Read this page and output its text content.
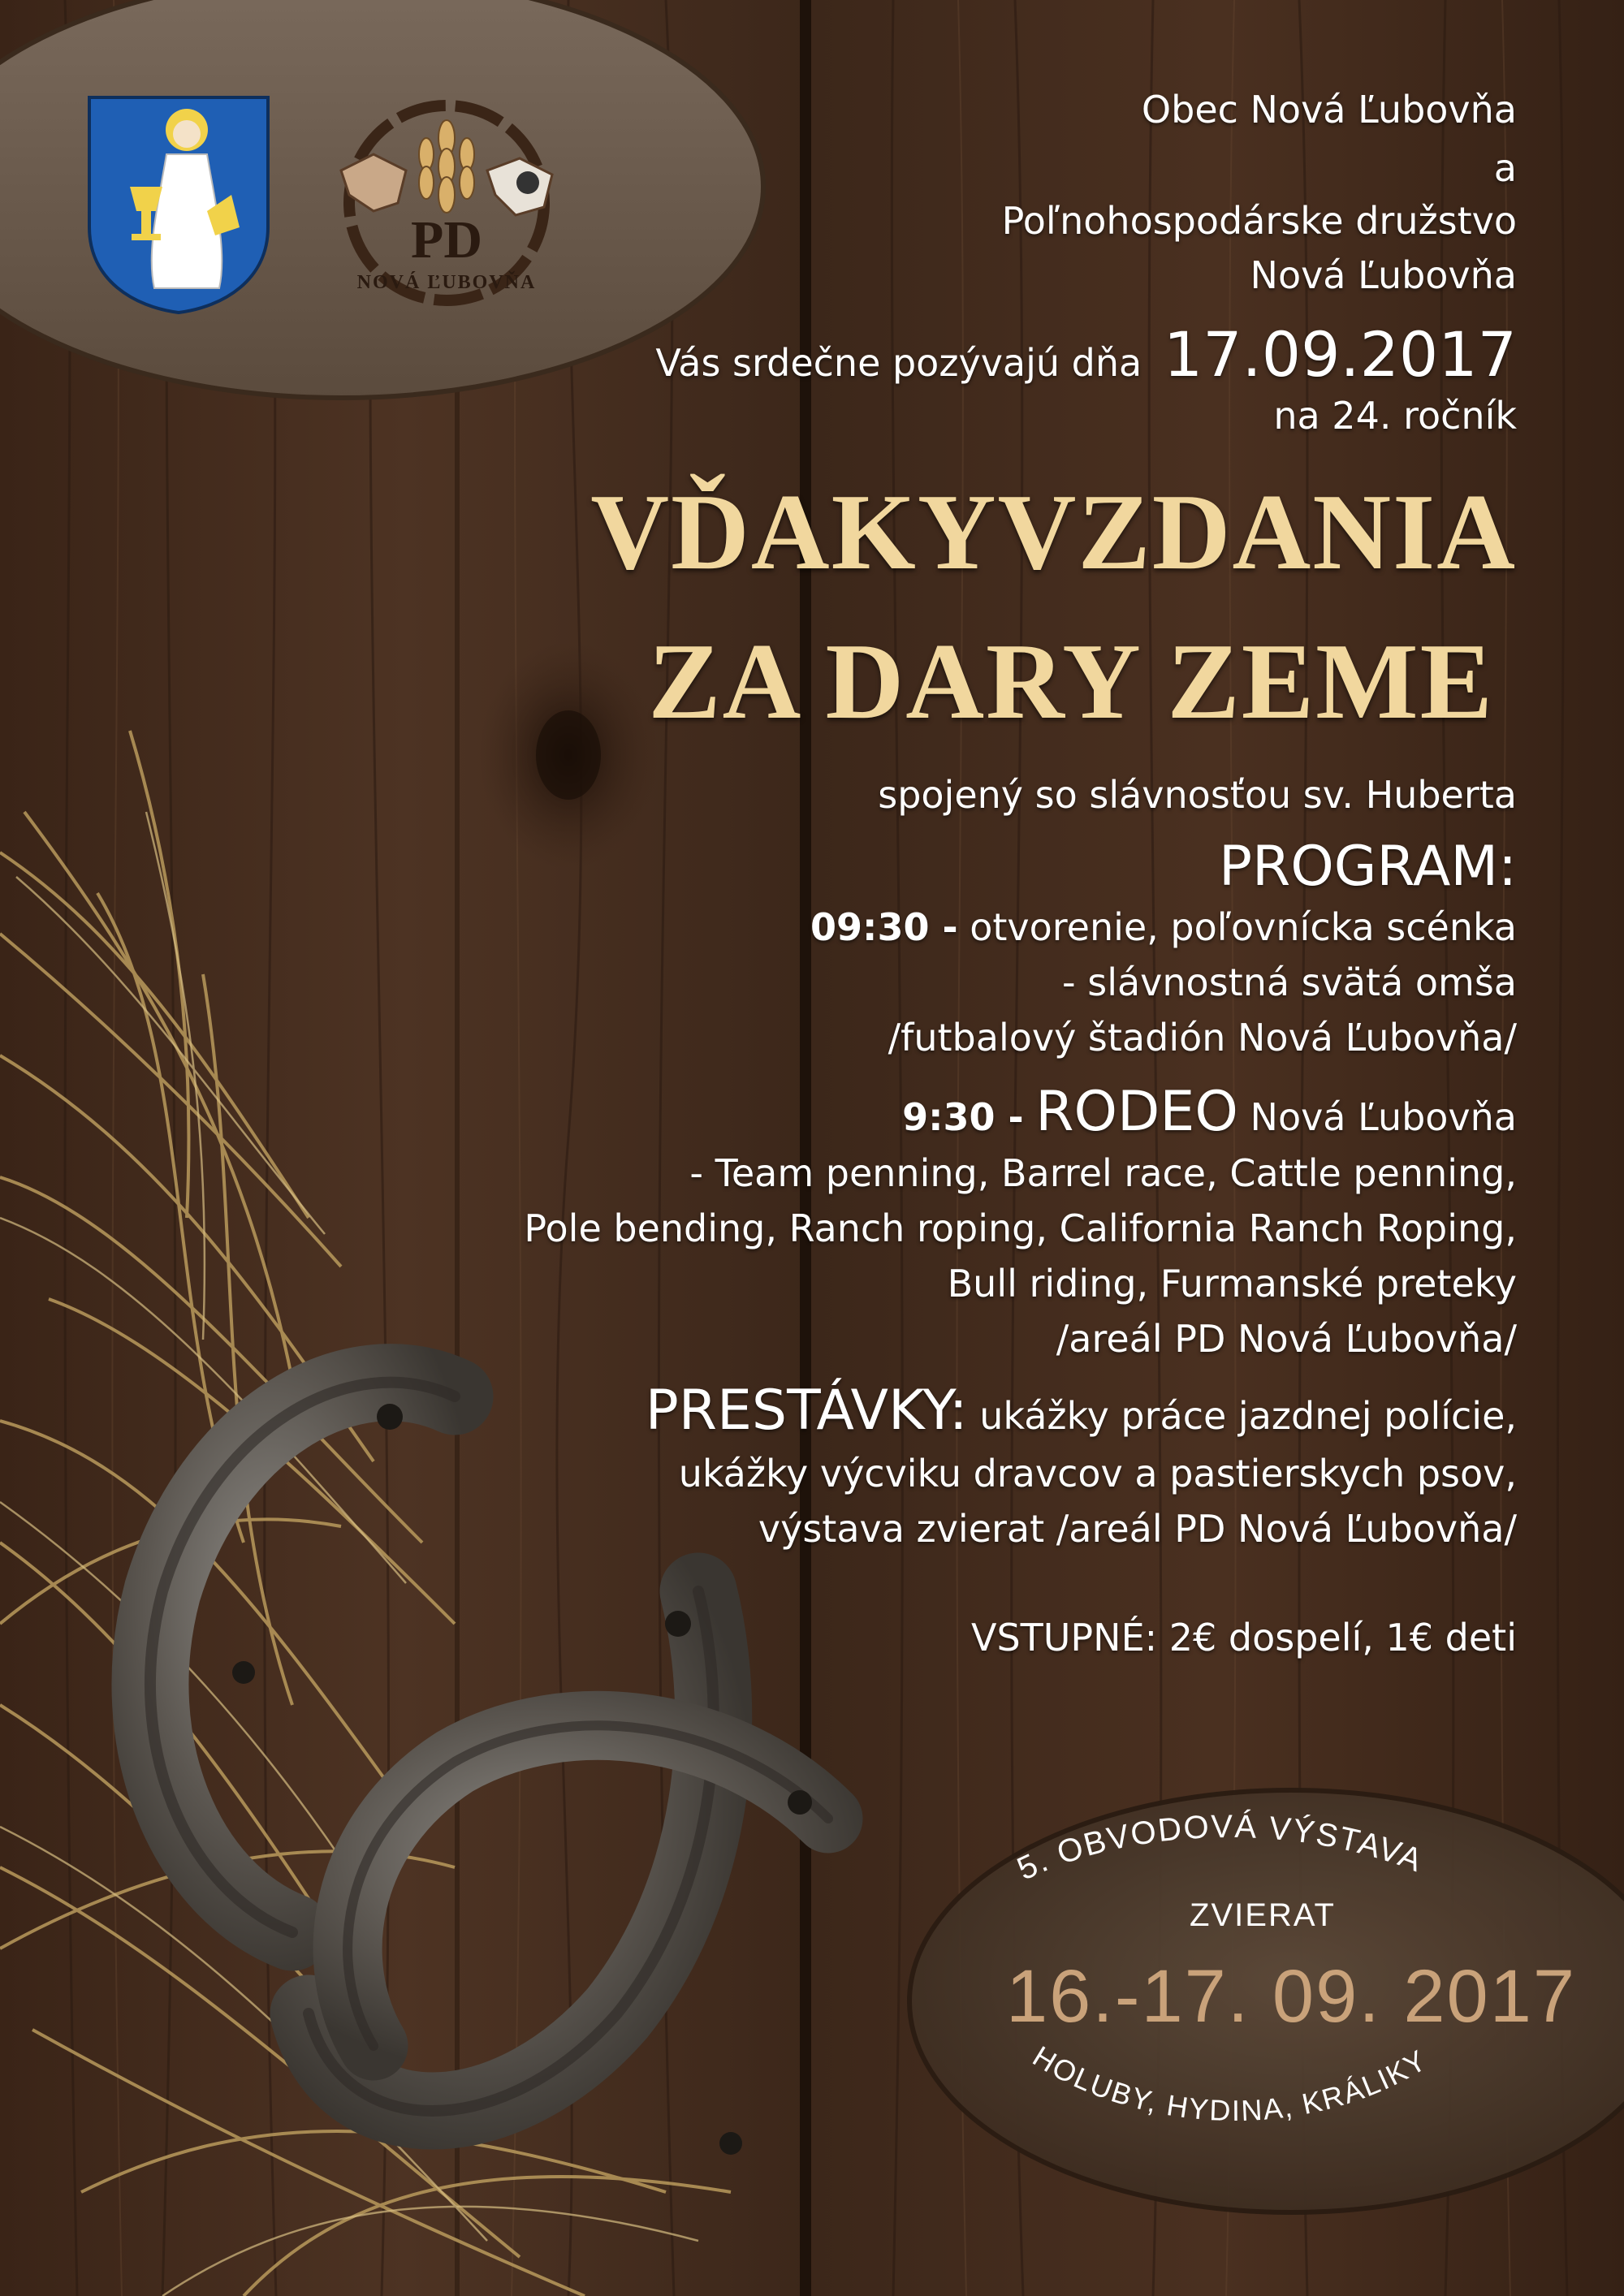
PD
NOVÁ ĽUBOVŇA
Obec Nová Ľubovňa
a
Poľnohospodárske družstvo
Nová Ľubovňa
Vás srdečne pozývajú dňa 17.09.2017
na 24. ročník
VĎAKYVZDANIA
ZA DARY ZEME
spojený so slávnosťou sv. Huberta
PROGRAM:
09:30 - otvorenie, poľovnícka scénka
- slávnostná svätá omša
/futbalový štadión Nová Ľubovňa/
9:30 - RODEO Nová Ľubovňa
- Team penning, Barrel race, Cattle penning,
Pole bending, Ranch roping, California Ranch Roping,
Bull riding, Furmanské preteky
/areál PD Nová Ľubovňa/
PRESTÁVKY: ukážky práce jazdnej polície,
ukážky výcviku dravcov a pastierskych psov,
výstava zvierat /areál PD Nová Ľubovňa/
VSTUPNÉ: 2€ dospelí, 1€ deti
5. OBVODOVÁ VÝSTAVA
ZVIERAT
16.-17. 09. 2017
HOLUBY, HYDINA, KRÁLIKY
